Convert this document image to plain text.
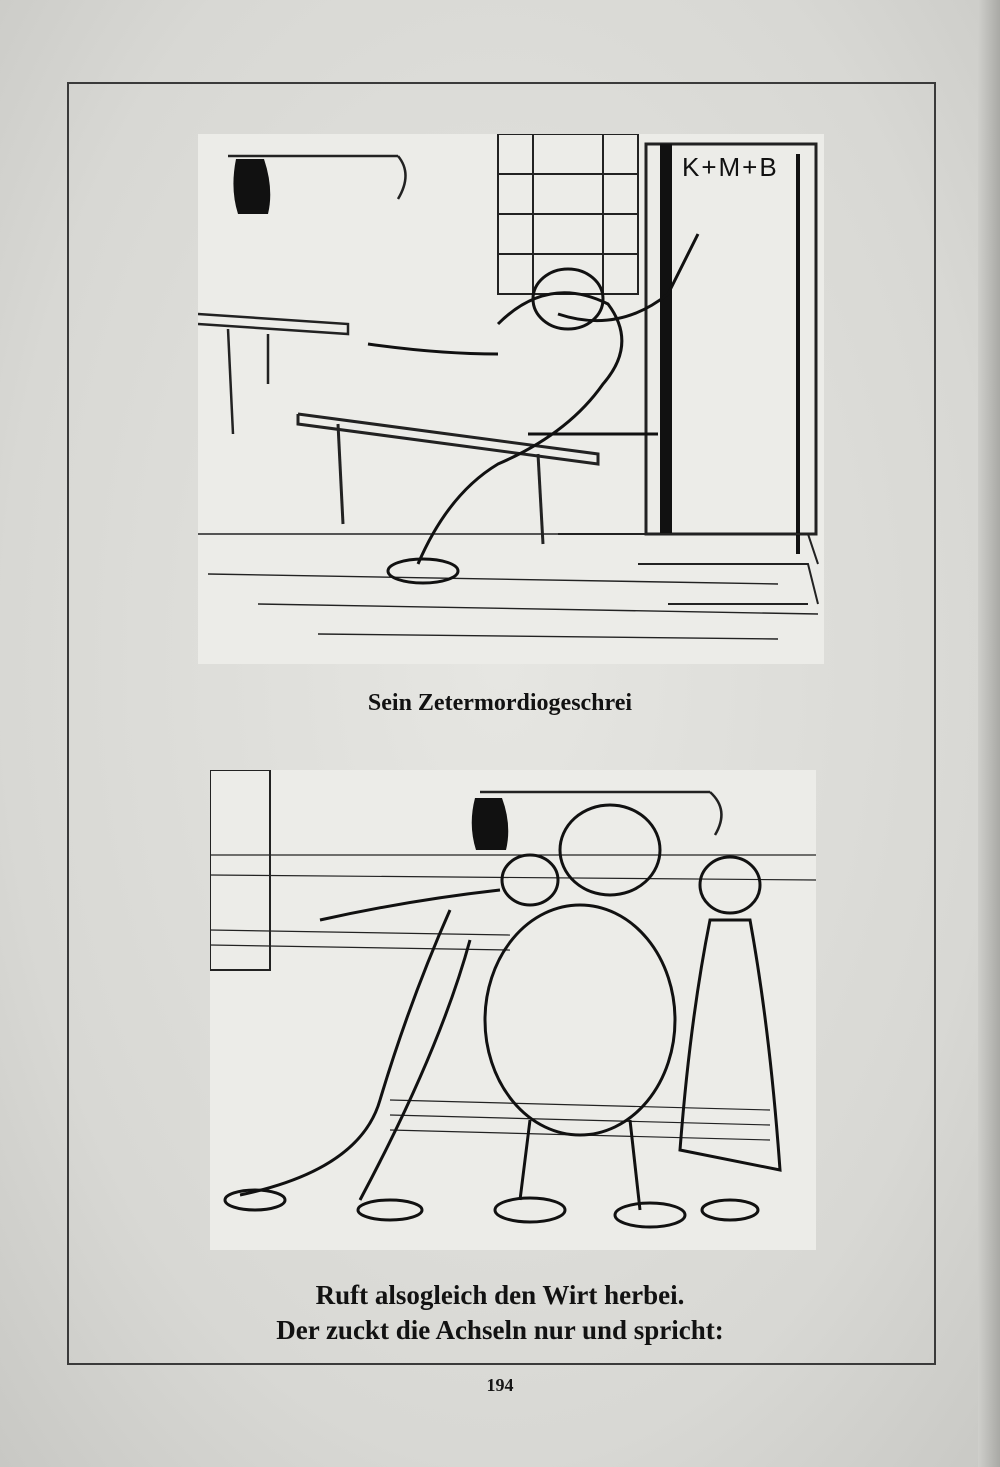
K+M+B
Sein Zetermordiogeschrei
Ruft alsogleich den Wirt herbei.
Der zuckt die Achseln nur und spricht:
194
